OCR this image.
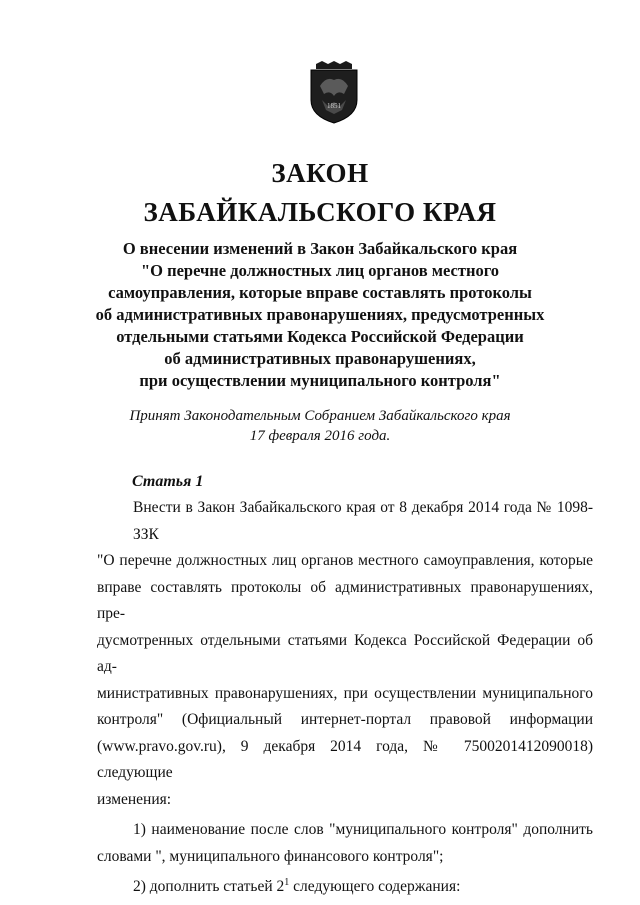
1851
ЗАКОН
ЗАБАЙКАЛЬСКОГО КРАЯ
О внесении изменений в Закон Забайкальского края
"О перечне должностных лиц органов местного
самоуправления, которые вправе составлять протоколы
об административных правонарушениях, предусмотренных
отдельными статьями Кодекса Российской Федерации
об административных правонарушениях,
при осуществлении муниципального контроля"
Принят Законодательным Собранием Забайкальского края
17 февраля 2016 года.
Статья 1
Внести в Закон Забайкальского края от 8 декабря 2014 года № 1098-ЗЗК
"О перечне должностных лиц органов местного самоуправления, которые
вправе составлять протоколы об административных правонарушениях, пре-
дусмотренных отдельными статьями Кодекса Российской Федерации об ад-
министративных правонарушениях, при осуществлении муниципального
контроля" (Официальный интернет-портал правовой информации
(www.pravo.gov.ru), 9 декабря 2014 года, № 7500201412090018) следующие
изменения:
1) наименование после слов "муниципального контроля" дополнить
словами ", муниципального финансового контроля";
2) дополнить статьей $2^1$ следующего содержания:
